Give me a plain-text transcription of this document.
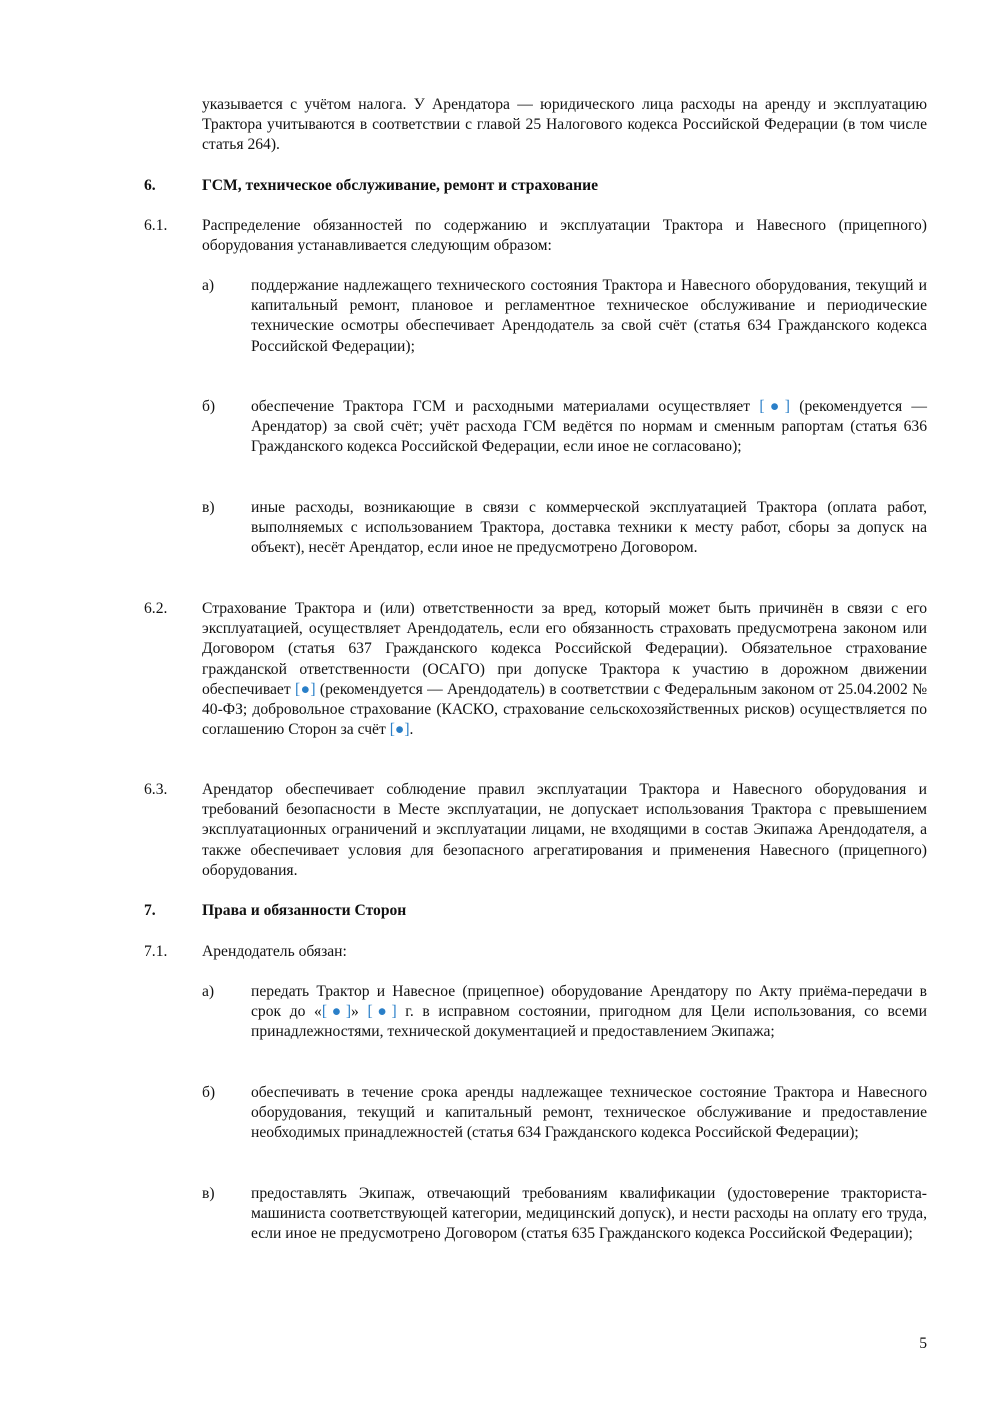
указывается с учётом налога. У Арендатора — юридического лица расходы на аренду и эксплуатацию Трактора учитываются в соответствии с главой 25 Налогового кодекса Российской Федерации (в том числе статья 264).
6.	ГСМ, техническое обслуживание, ремонт и страхование
6.1. Распределение обязанностей по содержанию и эксплуатации Трактора и Навесного (прицепного) оборудования устанавливается следующим образом:
а) поддержание надлежащего технического состояния Трактора и Навесного оборудования, текущий и капитальный ремонт, плановое и регламентное техническое обслуживание и периодические технические осмотры обеспечивает Арендодатель за свой счёт (статья 634 Гражданского кодекса Российской Федерации);
б) обеспечение Трактора ГСМ и расходными материалами осуществляет [●] (рекомендуется — Арендатор) за свой счёт; учёт расхода ГСМ ведётся по нормам и сменным рапортам (статья 636 Гражданского кодекса Российской Федерации, если иное не согласовано);
в) иные расходы, возникающие в связи с коммерческой эксплуатацией Трактора (оплата работ, выполняемых с использованием Трактора, доставка техники к месту работ, сборы за допуск на объект), несёт Арендатор, если иное не предусмотрено Договором.
6.2. Страхование Трактора и (или) ответственности за вред, который может быть причинён в связи с его эксплуатацией, осуществляет Арендодатель, если его обязанность страховать предусмотрена законом или Договором (статья 637 Гражданского кодекса Российской Федерации). Обязательное страхование гражданской ответственности (ОСАГО) при допуске Трактора к участию в дорожном движении обеспечивает [●] (рекомендуется — Арендодатель) в соответствии с Федеральным законом от 25.04.2002 № 40-ФЗ; добровольное страхование (КАСКО, страхование сельскохозяйственных рисков) осуществляется по соглашению Сторон за счёт [●].
6.3. Арендатор обеспечивает соблюдение правил эксплуатации Трактора и Навесного оборудования и требований безопасности в Месте эксплуатации, не допускает использования Трактора с превышением эксплуатационных ограничений и эксплуатации лицами, не входящими в состав Экипажа Арендодателя, а также обеспечивает условия для безопасного агрегатирования и применения Навесного (прицепного) оборудования.
7.	Права и обязанности Сторон
7.1. Арендодатель обязан:
а) передать Трактор и Навесное (прицепное) оборудование Арендатору по Акту приёма-передачи в срок до «[●]» [●] г. в исправном состоянии, пригодном для Цели использования, со всеми принадлежностями, технической документацией и предоставлением Экипажа;
б) обеспечивать в течение срока аренды надлежащее техническое состояние Трактора и Навесного оборудования, текущий и капитальный ремонт, техническое обслуживание и предоставление необходимых принадлежностей (статья 634 Гражданского кодекса Российской Федерации);
в) предоставлять Экипаж, отвечающий требованиям квалификации (удостоверение тракториста-машиниста соответствующей категории, медицинский допуск), и нести расходы на оплату его труда, если иное не предусмотрено Договором (статья 635 Гражданского кодекса Российской Федерации);
5
